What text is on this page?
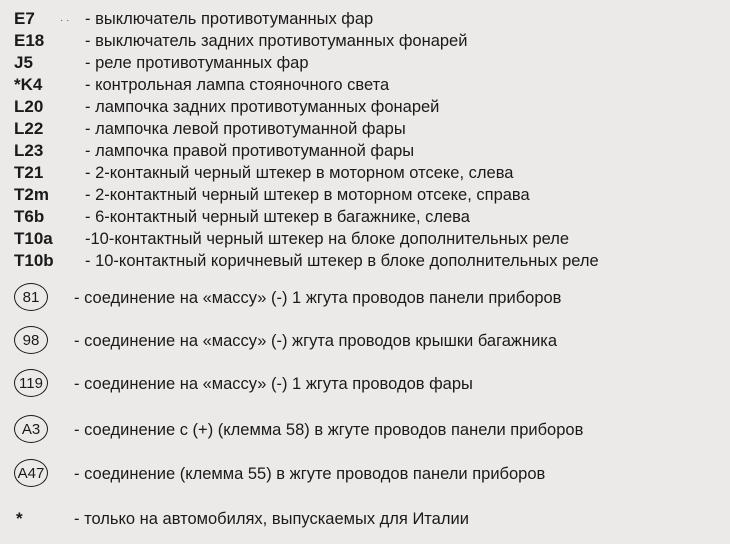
E7	· · - выключатель противотуманных фар
E18 - выключатель задних противотуманных фонарей
J5	- реле противотуманных фар
*K4	- контрольная лампа стояночного света
L20	- лампочка задних противотуманных фонарей
L22	- лампочка левой противотуманной фары
L23	- лампочка правой противотуманной фары
T21	- 2-контакный черный штекер в моторном отсеке, слева
T2m - 2-контактный черный штекер в моторном отсеке, справа
T6b - 6-контактный черный штекер в багажнике, слева
T10a -10-контактный черный штекер на блоке дополнительных реле
T10b - 10-контактный коричневый штекер в блоке дополнительных реле
81	- соединение на «массу» (-) 1 жгута проводов панели приборов
98	- соединение на «массу» (-) жгута проводов крышки багажника
119	- соединение на «массу» (-) 1 жгута проводов фары
A3	- соединение с (+) (клемма 58) в жгуте проводов панели приборов
A47 - соединение (клемма 55) в жгуте проводов панели приборов
*	- только на автомобилях, выпускаемых для Италии
